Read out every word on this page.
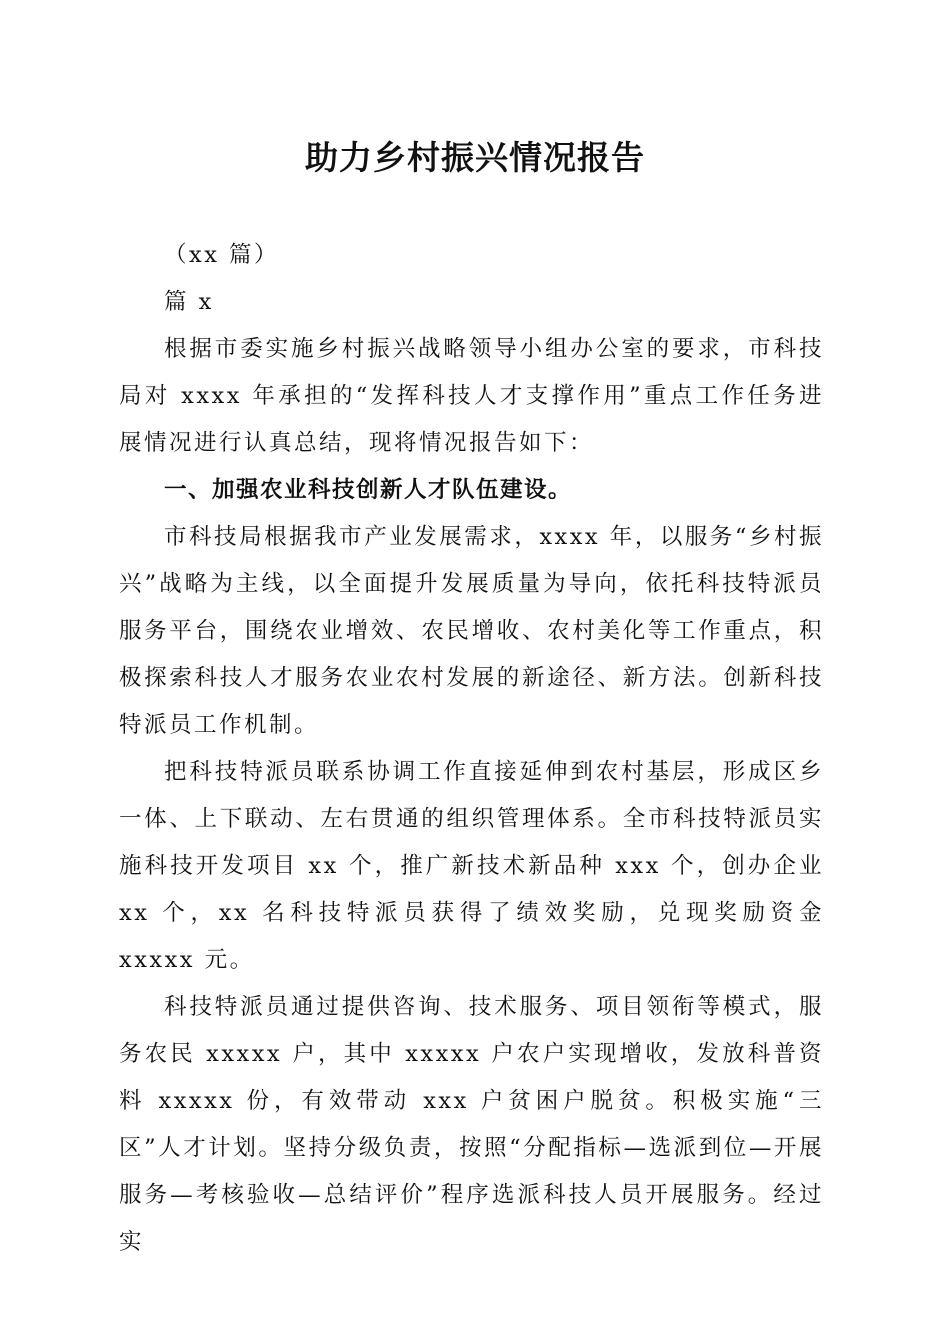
助力乡村振兴情况报告

（xx 篇）

篇 x

根据市委实施乡村振兴战略领导小组办公室的要求，市科技局对 xxxx 年承担的“发挥科技人才支撑作用”重点工作任务进展情况进行认真总结，现将情况报告如下：

一、加强农业科技创新人才队伍建设。

市科技局根据我市产业发展需求，xxxx 年，以服务“乡村振兴”战略为主线，以全面提升发展质量为导向，依托科技特派员服务平台，围绕农业增效、农民增收、农村美化等工作重点，积极探索科技人才服务农业农村发展的新途径、新方法。创新科技特派员工作机制。

把科技特派员联系协调工作直接延伸到农村基层，形成区乡一体、上下联动、左右贯通的组织管理体系。全市科技特派员实施科技开发项目 xx 个，推广新技术新品种 xxx 个，创办企业 xx 个，xx 名科技特派员获得了绩效奖励，兑现奖励资金 xxxxx 元。

科技特派员通过提供咨询、技术服务、项目领衔等模式，服务农民 xxxxx 户，其中 xxxxx 户农户实现增收，发放科普资料 xxxxx 份，有效带动 xxx 户贫困户脱贫。积极实施“三区”人才计划。坚持分级负责，按照“分配指标—选派到位—开展服务—考核验收—总结评价”程序选派科技人员开展服务。经过实
